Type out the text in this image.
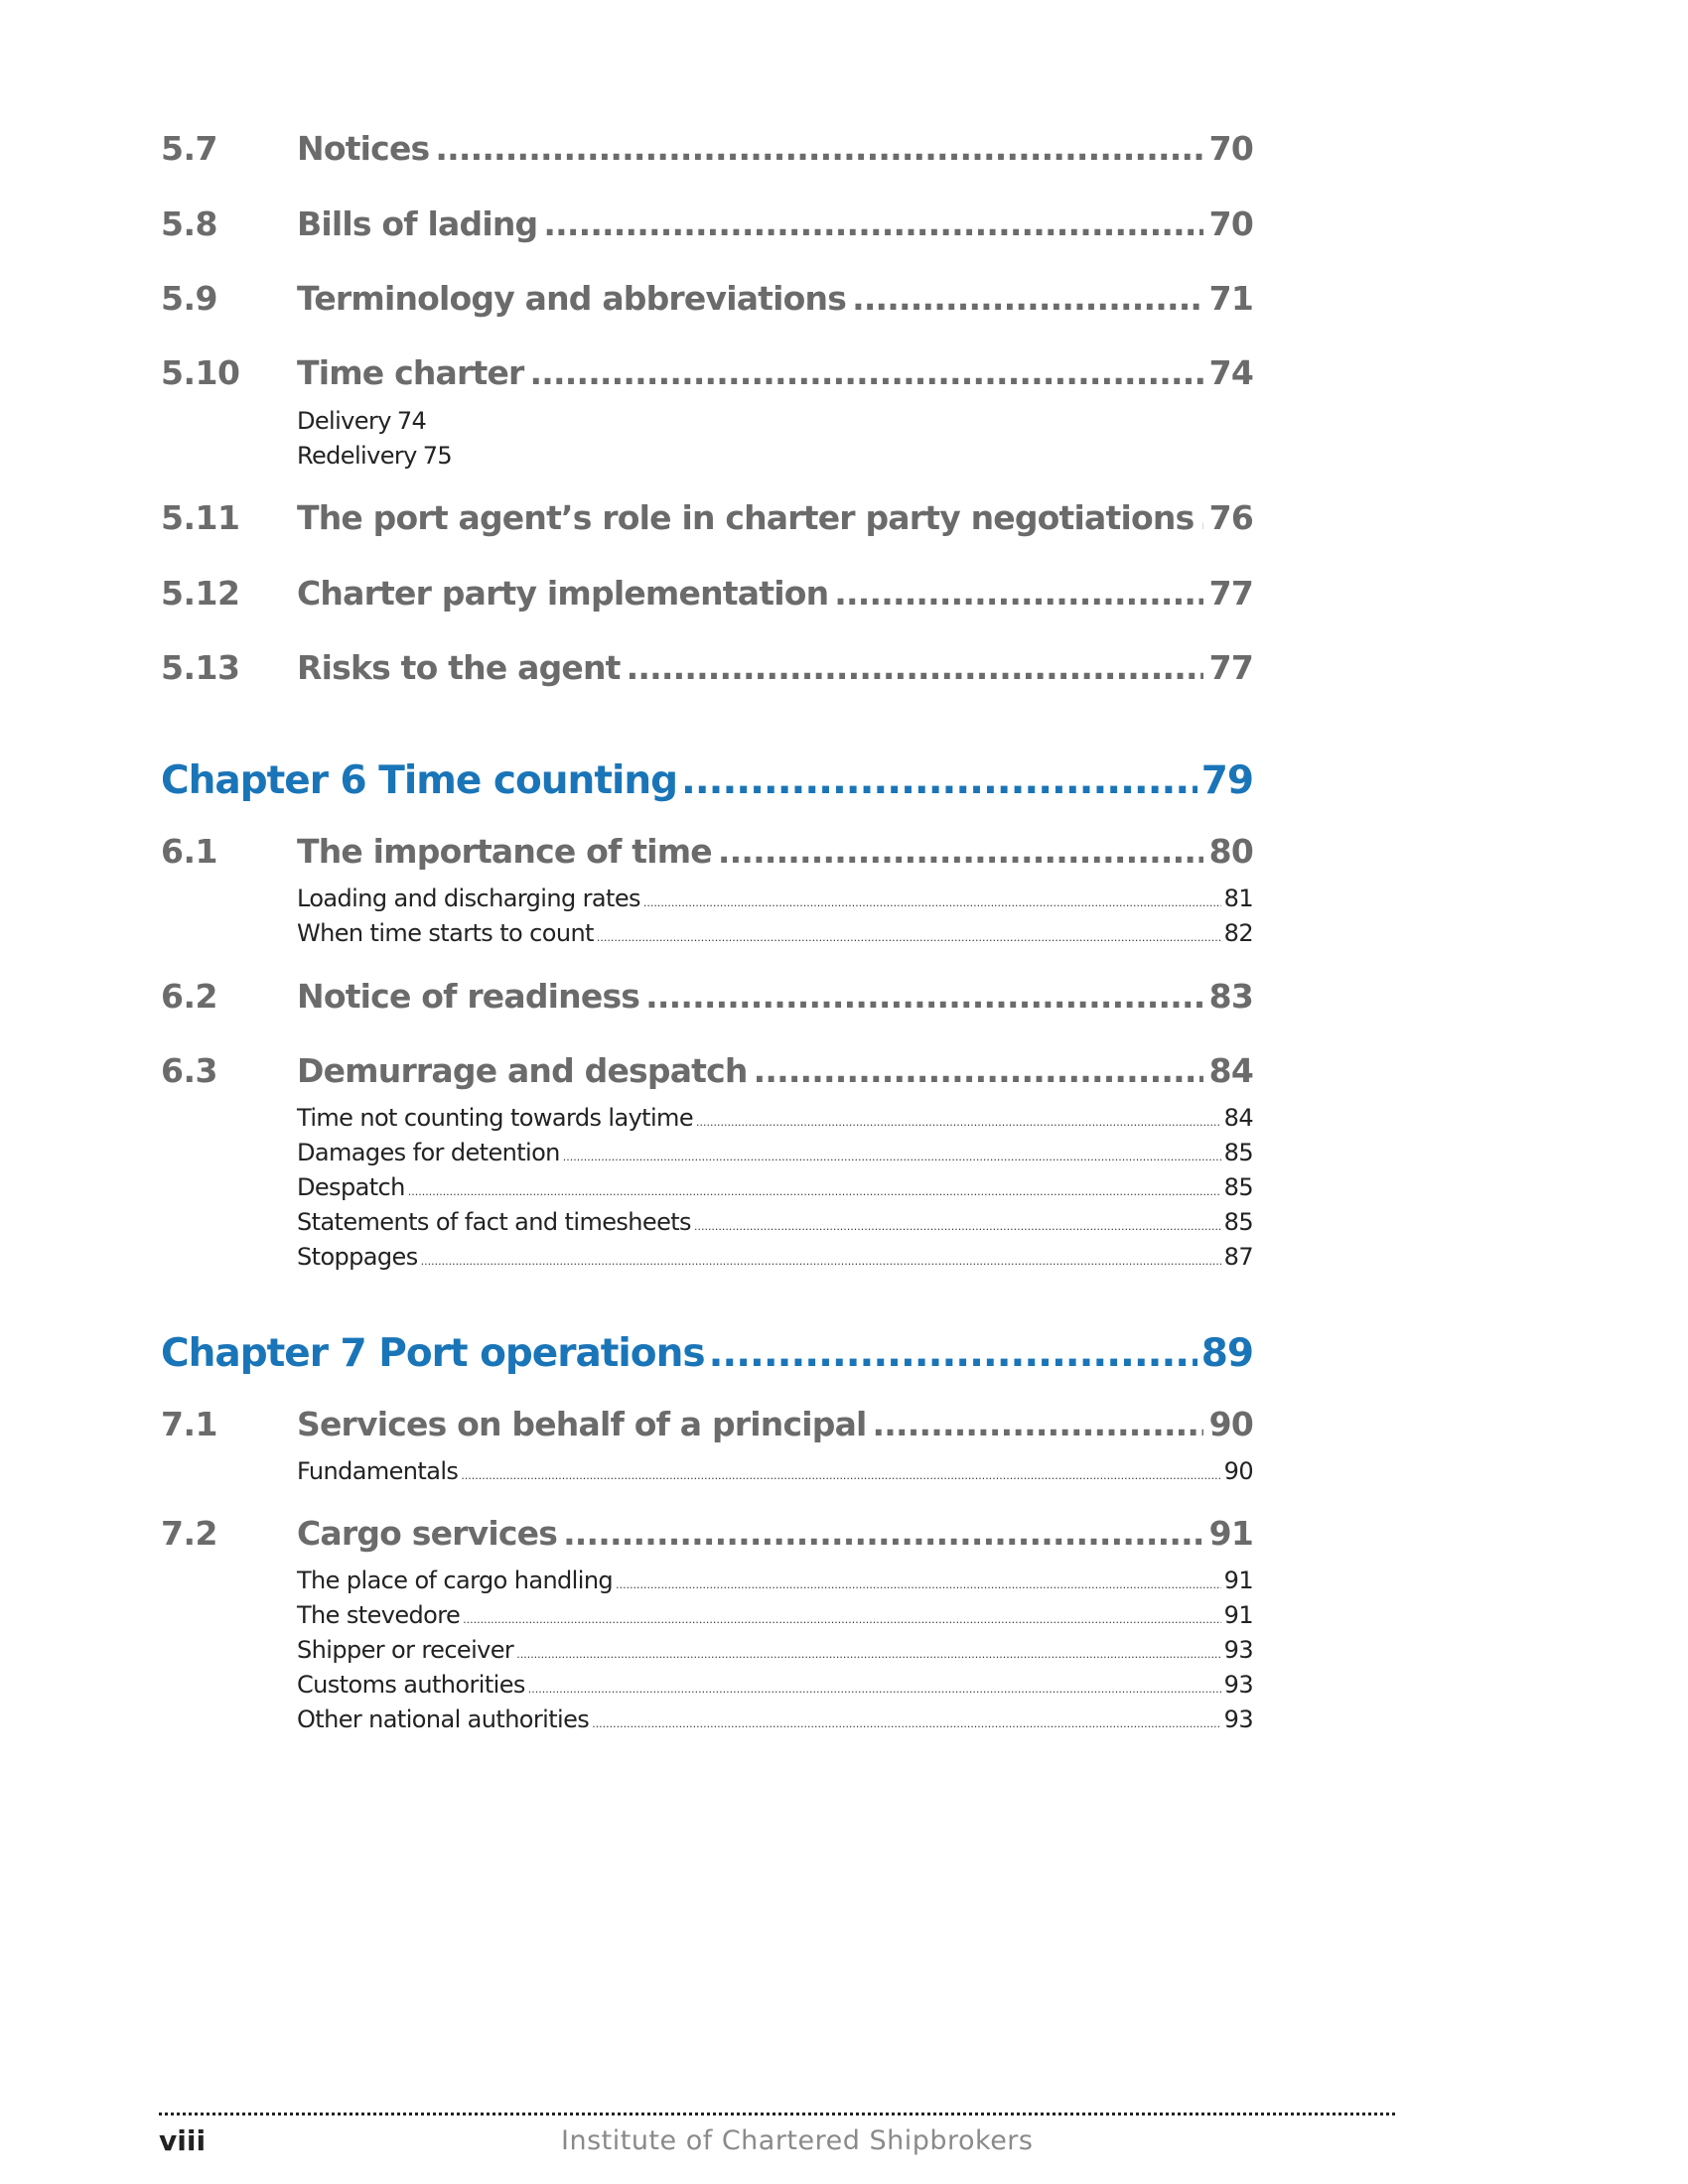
5.7 Notices .....	70
5.8 Bills of lading .....	70
5.9 Terminology and abbreviations .....	71
5.10 Time charter .....	74
Delivery 74
Redelivery 75
5.11 The port agent’s role in charter party negotiations ..... 76
5.12 Charter party implementation .....	77
5.13 Risks to the agent .....	77
Chapter 6 Time counting .....	79
6.1 The importance of time .....	80
Loading and discharging rates .....	81
When time starts to count .....	82
6.2 Notice of readiness .....	83
6.3 Demurrage and despatch .....	84
Time not counting towards laytime .....	84
Damages for detention .....	85
Despatch .....	85
Statements of fact and timesheets .....	85
Stoppages .....	87
Chapter 7 Port operations .....	89
7.1 Services on behalf of a principal .....	90
Fundamentals .....	90
7.2 Cargo services .....	91
The place of cargo handling .....	91
The stevedore .....	91
Shipper or receiver .....	93
Customs authorities .....	93
Other national authorities .....	93
viii	Institute of Chartered Shipbrokers
